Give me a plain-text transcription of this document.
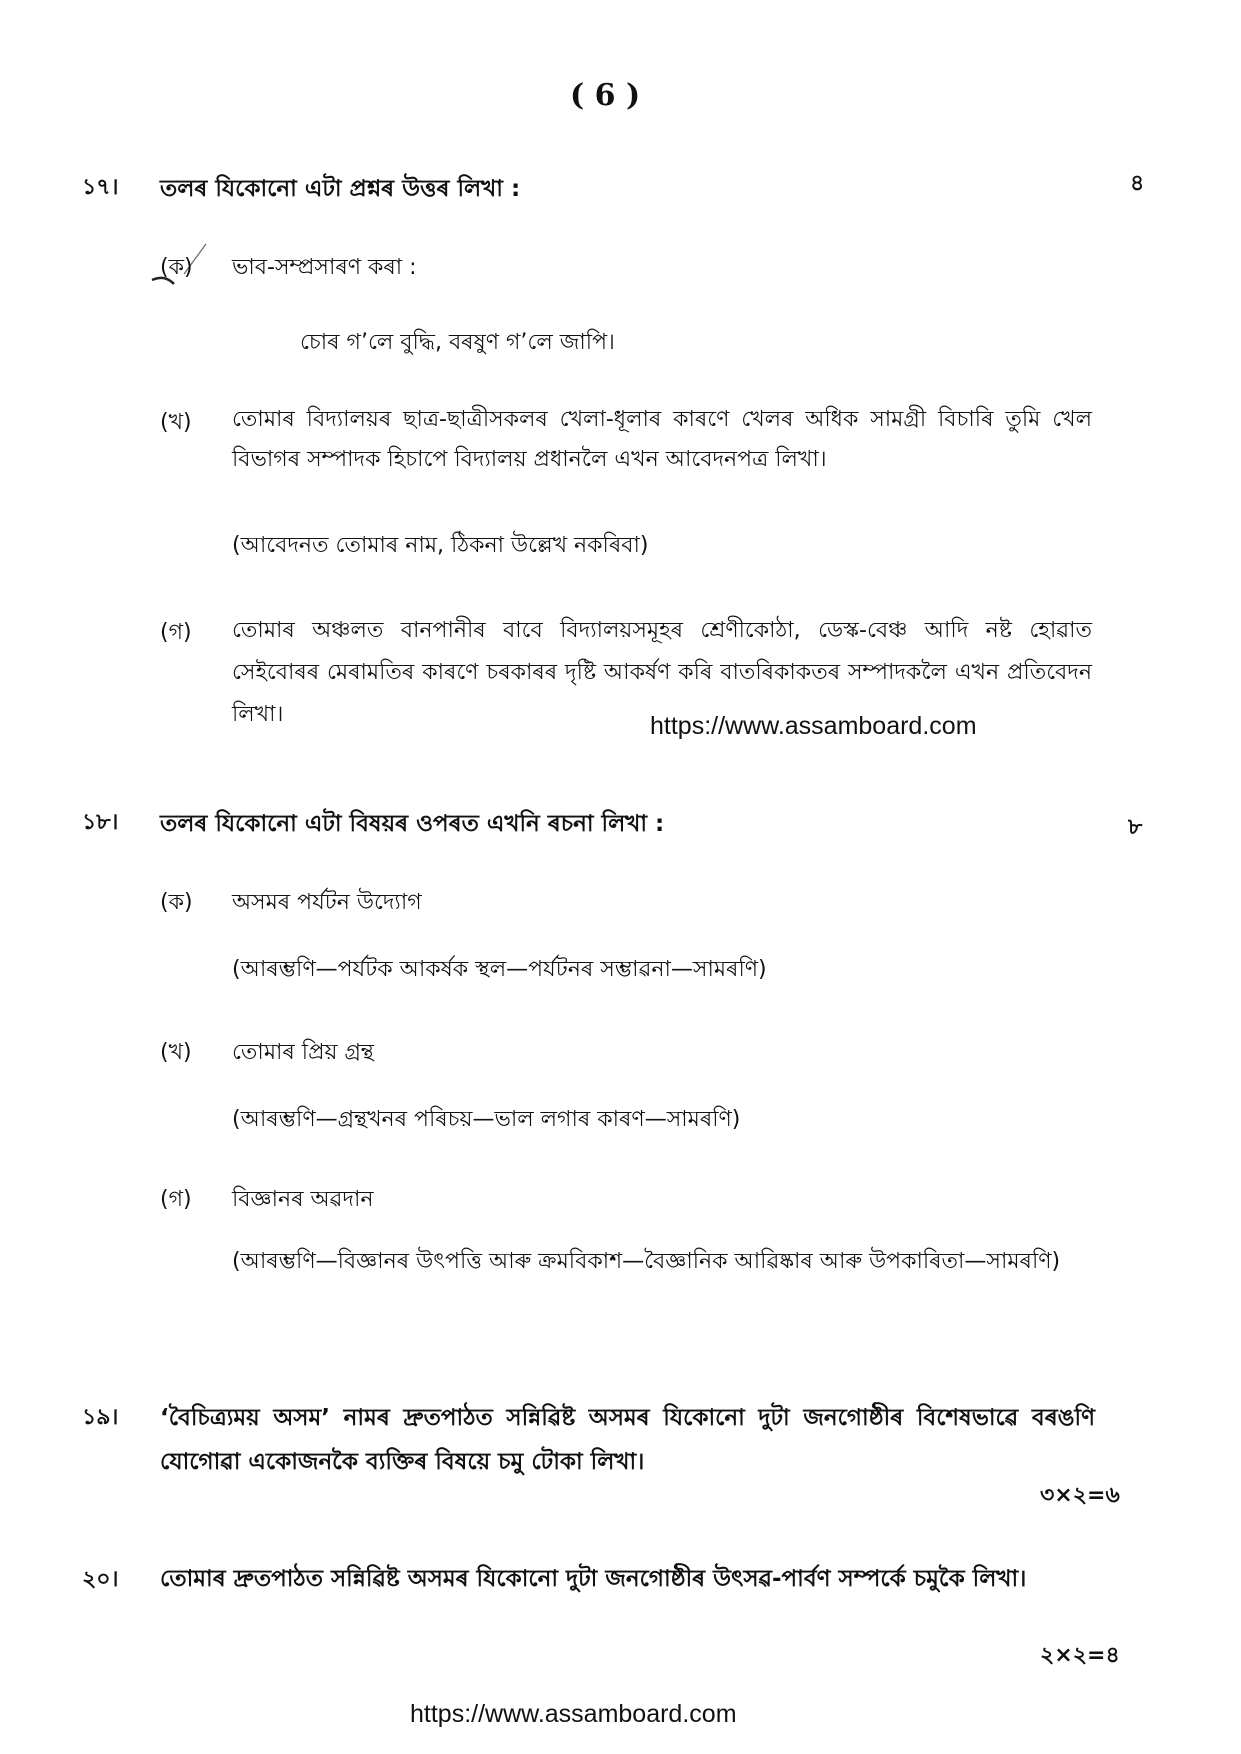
( 6 )
১৭। তলৰ যিকোনো এটা প্ৰশ্নৰ উত্তৰ লিখা :	৪
(ক) ভাব-সম্প্ৰসাৰণ কৰা :
চোৰ গ’লে বুদ্ধি, বৰষুণ গ’লে জাপি।
(খ) তোমাৰ বিদ্যালয়ৰ ছাত্ৰ-ছাত্ৰীসকলৰ খেলা-ধূলাৰ কাৰণে খেলৰ অধিক সামগ্ৰী বিচাৰি তুমি খেল বিভাগৰ সম্পাদক হিচাপে বিদ্যালয় প্ৰধানলৈ এখন আবেদনপত্ৰ লিখা।
(আবেদনত তোমাৰ নাম, ঠিকনা উল্লেখ নকৰিবা)
(গ) তোমাৰ অঞ্চলত বানপানীৰ বাবে বিদ্যালয়সমূহৰ শ্ৰেণীকোঠা, ডেস্ক-বেঞ্চ আদি নষ্ট হোৱাত সেইবোৰৰ মেৰামতিৰ কাৰণে চৰকাৰৰ দৃষ্টি আকৰ্ষণ কৰি বাতৰিকাকতৰ সম্পাদকলৈ এখন প্ৰতিবেদন লিখা।	https://www.assamboard.com
১৮। তলৰ যিকোনো এটা বিষয়ৰ ওপৰত এখনি ৰচনা লিখা :	৮
(ক) অসমৰ পৰ্যটন উদ্যোগ
(আৰম্ভণি—পৰ্যটক আকৰ্ষক স্থল—পৰ্যটনৰ সম্ভাৱনা—সামৰণি)
(খ) তোমাৰ প্ৰিয় গ্ৰন্থ
(আৰম্ভণি—গ্ৰন্থখনৰ পৰিচয়—ভাল লগাৰ কাৰণ—সামৰণি)
(গ) বিজ্ঞানৰ অৱদান
(আৰম্ভণি—বিজ্ঞানৰ উৎপত্তি আৰু ক্ৰমবিকাশ—বৈজ্ঞানিক আৱিষ্কাৰ আৰু উপকাৰিতা—সামৰণি)
১৯। ‘বৈচিত্ৰ্যময় অসম’ নামৰ দ্ৰুতপাঠত সন্নিৱিষ্ট অসমৰ যিকোনো দুটা জনগোষ্ঠীৰ বিশেষভাৱে বৰঙণি যোগোৱা একোজনকৈ ব্যক্তিৰ বিষয়ে চমু টোকা লিখা।
৩×২=৬
২০। তোমাৰ দ্ৰুতপাঠত সন্নিৱিষ্ট অসমৰ যিকোনো দুটা জনগোষ্ঠীৰ উৎসৱ-পাৰ্বণ সম্পৰ্কে চমুকৈ লিখা।
২×২=৪
https://www.assamboard.com
